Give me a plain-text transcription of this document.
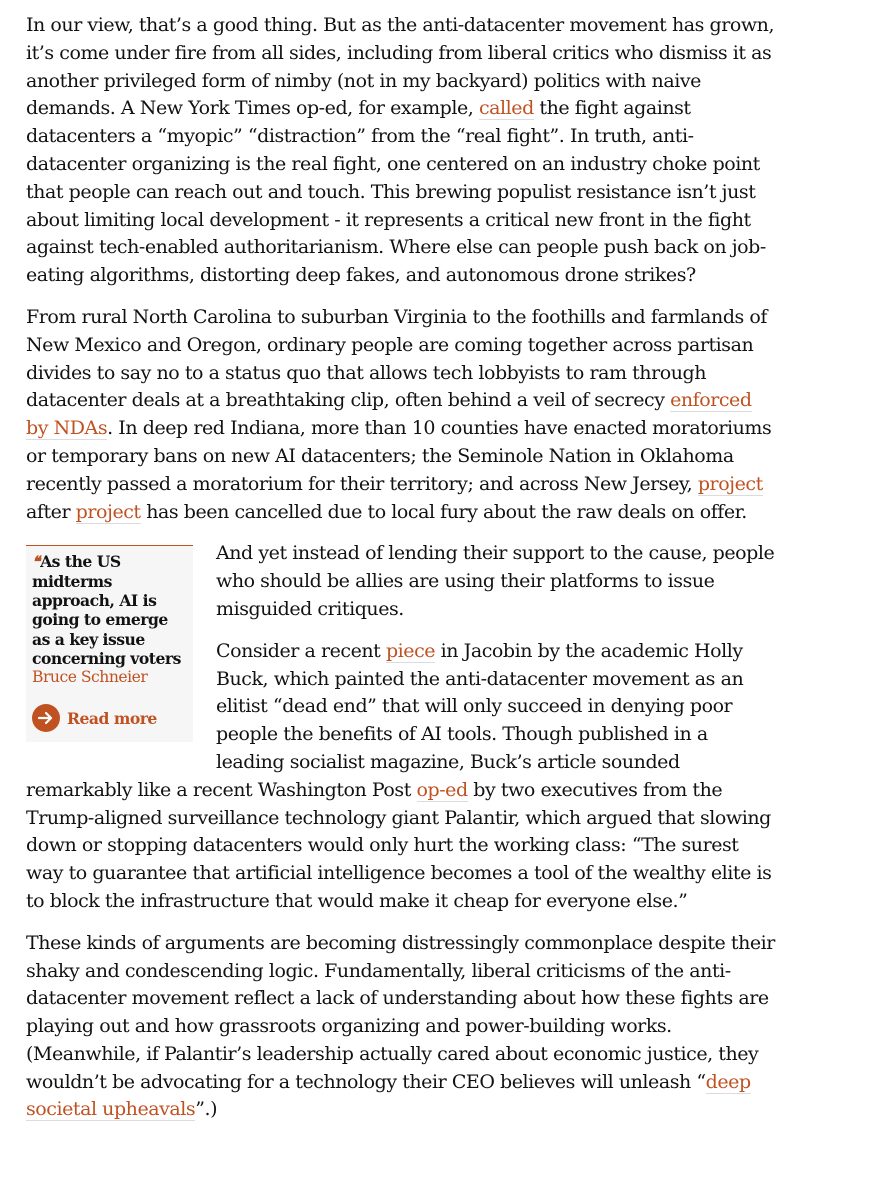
In our view, that’s a good thing. But as the anti-datacenter movement has grown, it’s come under fire from all sides, including from liberal critics who dismiss it as another privileged form of nimby (not in my backyard) politics with naive demands. A New York Times op-ed, for example, called the fight against datacenters a “myopic” “distraction” from the “real fight”. In truth, anti-datacenter organizing is the real fight, one centered on an industry choke point that people can reach out and touch. This brewing populist resistance isn’t just about limiting local development - it represents a critical new front in the fight against tech-enabled authoritarianism. Where else can people push back on job-eating algorithms, distorting deep fakes, and autonomous drone strikes?

From rural North Carolina to suburban Virginia to the foothills and farmlands of New Mexico and Oregon, ordinary people are coming together across partisan divides to say no to a status quo that allows tech lobbyists to ram through datacenter deals at a breathtaking clip, often behind a veil of secrecy enforced by NDAs. In deep red Indiana, more than 10 counties have enacted moratoriums or temporary bans on new AI datacenters; the Seminole Nation in Oklahoma recently passed a moratorium for their territory; and across New Jersey, project after project has been cancelled due to local fury about the raw deals on offer.

❛❛ As the US midterms approach, AI is going to emerge as a key issue concerning voters
Bruce Schneier
Read more

And yet instead of lending their support to the cause, people who should be allies are using their platforms to issue misguided critiques.

Consider a recent piece in Jacobin by the academic Holly Buck, which painted the anti-datacenter movement as an elitist “dead end” that will only succeed in denying poor people the benefits of AI tools. Though published in a leading socialist magazine, Buck’s article sounded remarkably like a recent Washington Post op-ed by two executives from the Trump-aligned surveillance technology giant Palantir, which argued that slowing down or stopping datacenters would only hurt the working class: “The surest way to guarantee that artificial intelligence becomes a tool of the wealthy elite is to block the infrastructure that would make it cheap for everyone else.”

These kinds of arguments are becoming distressingly commonplace despite their shaky and condescending logic. Fundamentally, liberal criticisms of the anti-datacenter movement reflect a lack of understanding about how these fights are playing out and how grassroots organizing and power-building works. (Meanwhile, if Palantir’s leadership actually cared about economic justice, they wouldn’t be advocating for a technology their CEO believes will unleash “deep societal upheavals”.)
